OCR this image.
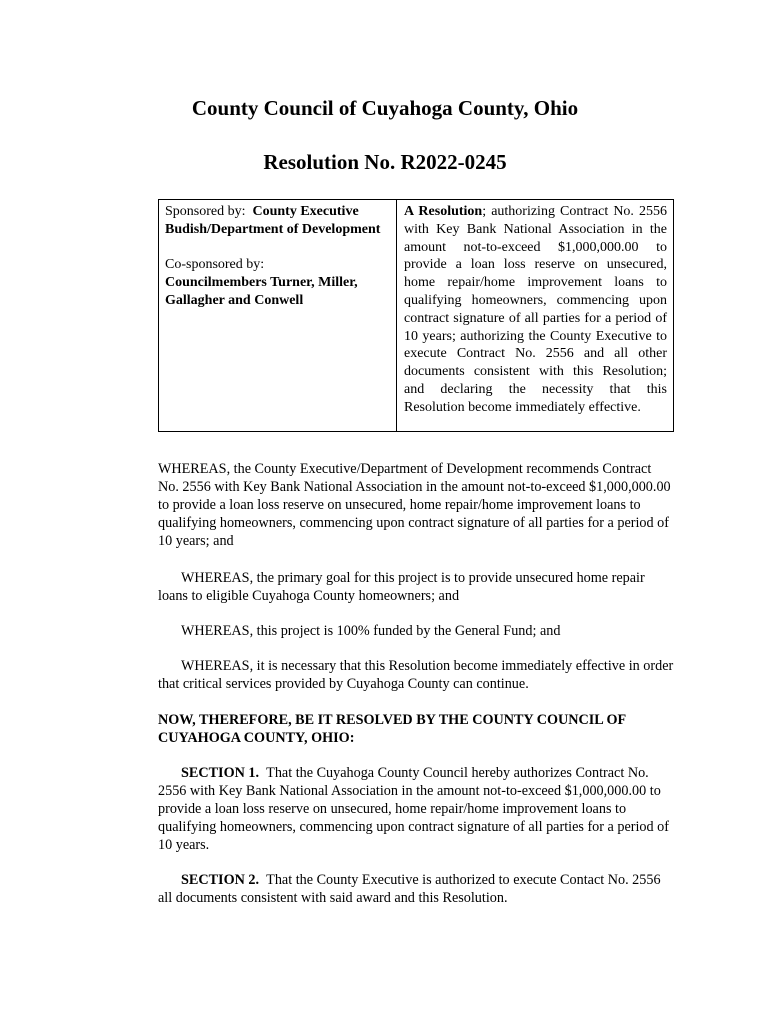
County Council of Cuyahoga County, Ohio
Resolution No. R2022-0245
Sponsored by: County Executive Budish/Department of Development
Co-sponsored by:
Councilmembers Turner, Miller, Gallagher and Conwell
A Resolution; authorizing Contract No. 2556 with Key Bank National Association in the amount not-to-exceed $1,000,000.00 to provide a loan loss reserve on unsecured, home repair/home improvement loans to qualifying homeowners, commencing upon contract signature of all parties for a period of 10 years; authorizing the County Executive to execute Contract No. 2556 and all other documents consistent with this Resolution; and declaring the necessity that this Resolution become immediately effective.
WHEREAS, the County Executive/Department of Development recommends Contract No. 2556 with Key Bank National Association in the amount not-to-exceed $1,000,000.00 to provide a loan loss reserve on unsecured, home repair/home improvement loans to qualifying homeowners, commencing upon contract signature of all parties for a period of 10 years; and
WHEREAS, the primary goal for this project is to provide unsecured home repair loans to eligible Cuyahoga County homeowners; and
WHEREAS, this project is 100% funded by the General Fund; and
WHEREAS, it is necessary that this Resolution become immediately effective in order that critical services provided by Cuyahoga County can continue.
NOW, THEREFORE, BE IT RESOLVED BY THE COUNTY COUNCIL OF CUYAHOGA COUNTY, OHIO:
SECTION 1. That the Cuyahoga County Council hereby authorizes Contract No. 2556 with Key Bank National Association in the amount not-to-exceed $1,000,000.00 to provide a loan loss reserve on unsecured, home repair/home improvement loans to qualifying homeowners, commencing upon contract signature of all parties for a period of 10 years.
SECTION 2. That the County Executive is authorized to execute Contact No. 2556 all documents consistent with said award and this Resolution.
